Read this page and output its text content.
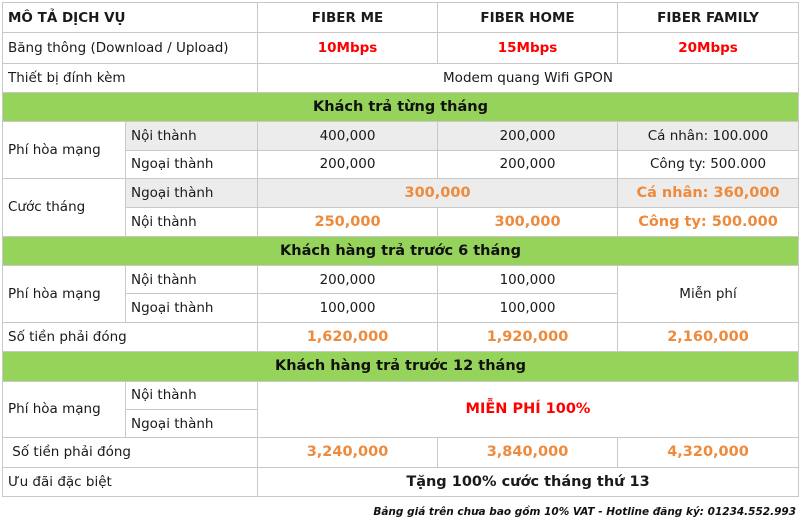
MÔ TẢ DỊCH VỤ		FIBER ME	FIBER HOME	FIBER FAMILY
Băng thông (Download / Upload)		10Mbps	15Mbps	20Mbps
Thiết bị đính kèm		Modem quang Wifi GPON		
Khách trả từng tháng				
Phí hòa mạng	Nội thành	400,000	200,000	Cá nhân: 100.000
	Ngoại thành	200,000	200,000	Công ty: 500.000
Cước tháng	Ngoại thành	300,000		Cá nhân: 360,000
	Nội thành	250,000	300,000	Công ty: 500.000
Khách hàng trả trước 6 tháng				
Phí hòa mạng	Nội thành	200,000	100,000	Miễn phí
	Ngoại thành	100,000	100,000	
Số tiền phải đóng		1,620,000	1,920,000	2,160,000
Khách hàng trả trước 12 tháng				
Phí hòa mạng	Nội thành	MIỄN PHÍ 100%		
	Ngoại thành			
Số tiền phải đóng		3,240,000	3,840,000	4,320,000
Ưu đãi đặc biệt		Tặng 100% cước tháng thứ 13		
Bảng giá trên chưa bao gồm 10% VAT - Hotline đăng ký: 01234.552.993
